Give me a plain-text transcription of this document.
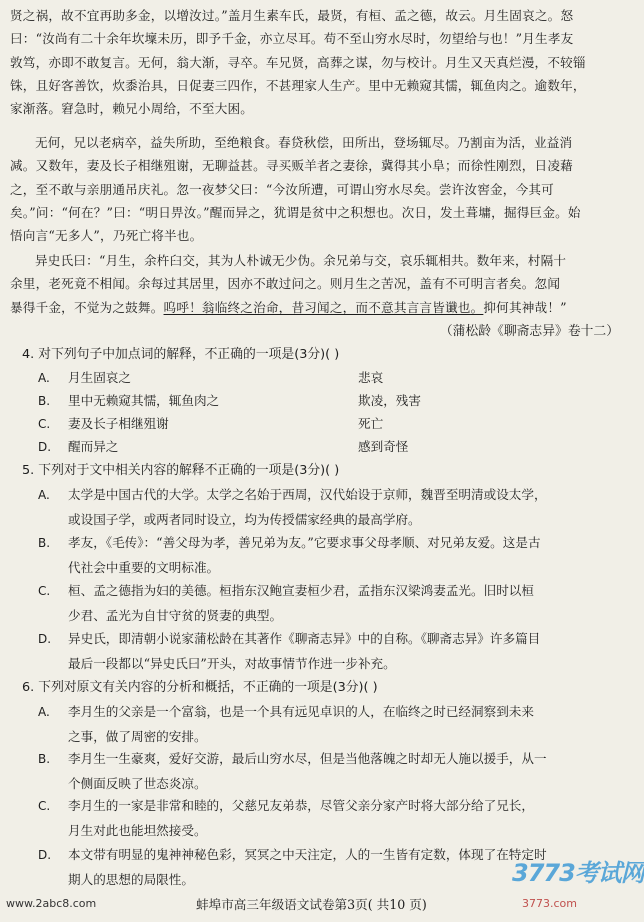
贤之祸，故不宜再助多金，以增汝过。”盖月生素车氏，最贤，有桓、孟之德，故云。月生固哀之。怒
曰：“汝尚有二十余年坎壈未历，即予千金，亦立尽耳。苟不至山穷水尽时，勿望给与也！”月生孝友
敦笃，亦即不敢复言。无何，翁大渐，寻卒。车兄贤，高葬之谋，勿与校计。月生又天真烂漫，不较锱
铢，且好客善饮，炊黍治具，日促妻三四作，不甚理家人生产。里中无赖窥其懦，辄鱼肉之。逾数年，
家渐落。窘急时，赖兄小周给，不至大困。
无何，兄以老病卒，益失所助，至绝粮食。春贷秋偿，田所出，登场辄尽。乃割亩为活，业益消
减。又数年，妻及长子相继殂谢，无聊益甚。寻买贩羊者之妻徐，冀得其小阜；而徐性刚烈，日凌藉
之，至不敢与亲朋通吊庆礼。忽一夜梦父曰：“今汝所遭，可谓山穷水尽矣。尝许汝窖金，今其可
矣。”问：“何在？”曰：“明日畀汝。”醒而异之，犹谓是贫中之积想也。次日，发土葺墉，掘得巨金。始
悟向言“无多人”，乃死亡将半也。
异史氏曰：“月生，余杵臼交，其为人朴诚无少伪。余兄弟与交，哀乐辄相共。数年来，村隔十
余里，老死竟不相闻。余每过其居里，因亦不敢过问之。则月生之苦况，盖有不可明言者矣。忽闻
暴得千金，不觉为之鼓舞。呜呼！翁临终之治命，昔习闻之，而不意其言言皆谶也。抑何其神哉！”
（蒲松龄《聊斋志异》卷十二）
4. 对下列句子中加点词的解释，不正确的一项是(3分)( )
A. 月生固哀之	悲哀
B. 里中无赖窥其懦，辄鱼肉之	欺凌，残害
C. 妻及长子相继殂谢	死亡
D. 醒而异之	感到奇怪
5. 下列对于文中相关内容的解释不正确的一项是(3分)( )
A.	太学是中国古代的大学。太学之名始于西周，汉代始设于京师，魏晋至明清或设太学，
或设国子学，或两者同时设立，均为传授儒家经典的最高学府。
B.	孝友，《毛传》：“善父母为孝，善兄弟为友。”它要求事父母孝顺、对兄弟友爱。这是古
代社会中重要的文明标准。
C.	桓、孟之德指为妇的美德。桓指东汉鲍宣妻桓少君，孟指东汉梁鸿妻孟光。旧时以桓
少君、孟光为自甘守贫的贤妻的典型。
D.	异史氏，即清朝小说家蒲松龄在其著作《聊斋志异》中的自称。《聊斋志异》许多篇目
最后一段都以“异史氏曰”开头，对故事情节作进一步补充。
6. 下列对原文有关内容的分析和概括，不正确的一项是(3分)( )
A.	李月生的父亲是一个富翁，也是一个具有远见卓识的人，在临终之时已经洞察到未来
之事，做了周密的安排。
B.	李月生一生豪爽，爱好交游，最后山穷水尽，但是当他落魄之时却无人施以援手，从一
个侧面反映了世态炎凉。
C.	李月生的一家是非常和睦的，父慈兄友弟恭，尽管父亲分家产时将大部分给了兄长，
月生对此也能坦然接受。
D.	本文带有明显的鬼神神秘色彩，冥冥之中天注定，人的一生皆有定数，体现了在特定时
期人的思想的局限性。
www.2abc8.com	蚌埠市高三年级语文试卷第3页( 共10 页)
3773考试网
3773.com
